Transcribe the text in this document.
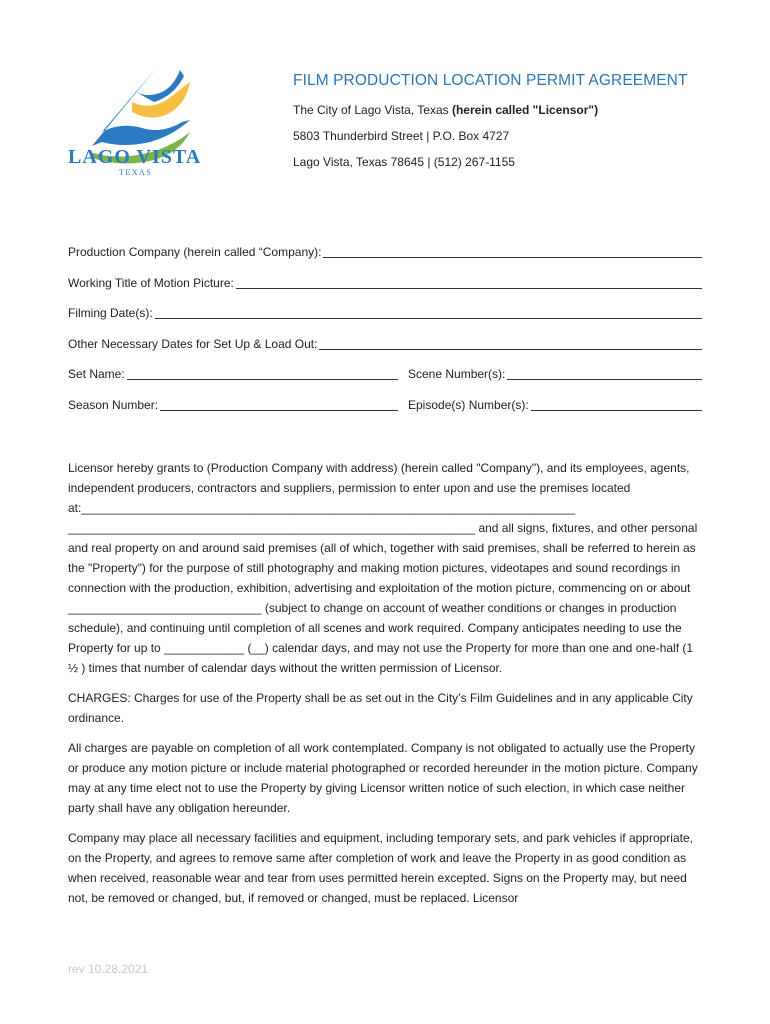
LAGO VISTA
TEXAS
FILM PRODUCTION LOCATION PERMIT AGREEMENT
The City of Lago Vista, Texas (herein called "Licensor")
5803 Thunderbird Street | P.O. Box 4727
Lago Vista, Texas 78645 | (512) 267-1155
Production Company (herein called “Company):
Working Title of Motion Picture:
Filming Date(s):
Other Necessary Dates for Set Up & Load Out:
Set Name:	Scene Number(s):
Season Number:	Episode(s) Number(s):

Licensor hereby grants to (Production Company with address) (herein called "Company"), and its employees, agents, independent producers, contractors and suppliers, permission to enter upon and use the premises located at:__________________________________________________________________________ _____________________________________________________________ and all signs, fixtures, and other personal and real property on and around said premises (all of which, together with said premises, shall be referred to herein as the "Property") for the purpose of still photography and making motion pictures, videotapes and sound recordings in connection with the production, exhibition, advertising and exploitation of the motion picture, commencing on or about _____________________________ (subject to change on account of weather conditions or changes in production schedule), and continuing until completion of all scenes and work required. Company anticipates needing to use the Property for up to ____________ (__) calendar days, and may not use the Property for more than one and one-half (1 ½ ) times that number of calendar days without the written permission of Licensor.

CHARGES: Charges for use of the Property shall be as set out in the City’s Film Guidelines and in any applicable City ordinance.

All charges are payable on completion of all work contemplated. Company is not obligated to actually use the Property or produce any motion picture or include material photographed or recorded hereunder in the motion picture. Company may at any time elect not to use the Property by giving Licensor written notice of such election, in which case neither party shall have any obligation hereunder.

Company may place all necessary facilities and equipment, including temporary sets, and park vehicles if appropriate, on the Property, and agrees to remove same after completion of work and leave the Property in as good condition as when received, reasonable wear and tear from uses permitted herein excepted. Signs on the Property may, but need not, be removed or changed, but, if removed or changed, must be replaced. Licensor

rev 10.28.2021
